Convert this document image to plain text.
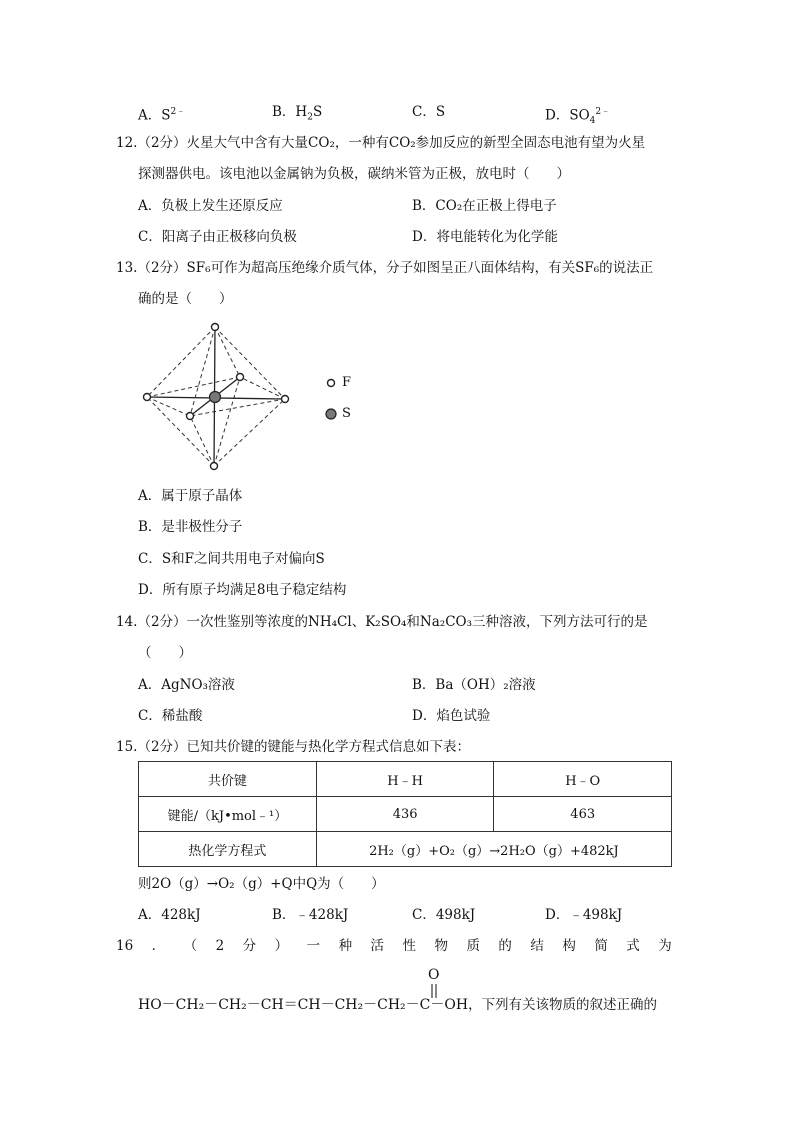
A．$S^{2﹣}$	B．$H_2S$	C．S	D．$SO_4^{2﹣}$
12.（2分）火星大气中含有大量CO₂，一种有CO₂参加反应的新型全固态电池有望为火星
探测器供电。该电池以金属钠为负极，碳纳米管为正极，放电时（　　）
A．负极上发生还原反应	B．CO₂在正极上得电子
C．阳离子由正极移向负极	D．将电能转化为化学能
13.（2分）SF₆可作为超高压绝缘介质气体，分子如图呈正八面体结构，有关SF₆的说法正
确的是（　　）
F
S
A．属于原子晶体
B．是非极性分子
C．S和F之间共用电子对偏向S
D．所有原子均满足8电子稳定结构
14.（2分）一次性鉴别等浓度的NH₄Cl、K₂SO₄和Na₂CO₃三种溶液，下列方法可行的是
（　　）
A．AgNO₃溶液	B．Ba（OH）₂溶液
C．稀盐酸	D．焰色试验
15.（2分）已知共价键的键能与热化学方程式信息如下表：
共价键	H﹣H	H﹣O
键能/（kJ•mol﹣¹）	436	463
热化学方程式	2H₂（g）+O₂（g）→2H₂O（g）+482kJ	
则2O（g）→O₂（g）+Q中Q为（　　）
A．428kJ	B．﹣428kJ	C．498kJ	D．﹣498kJ
16 ． （ 2 分 ） 一 种 活 性 物 质 的 结 构 简 式 为
O
HO－CH₂－CH₂－CH＝CH－CH₂－CH₂－C－OH，下列有关该物质的叙述正确的
